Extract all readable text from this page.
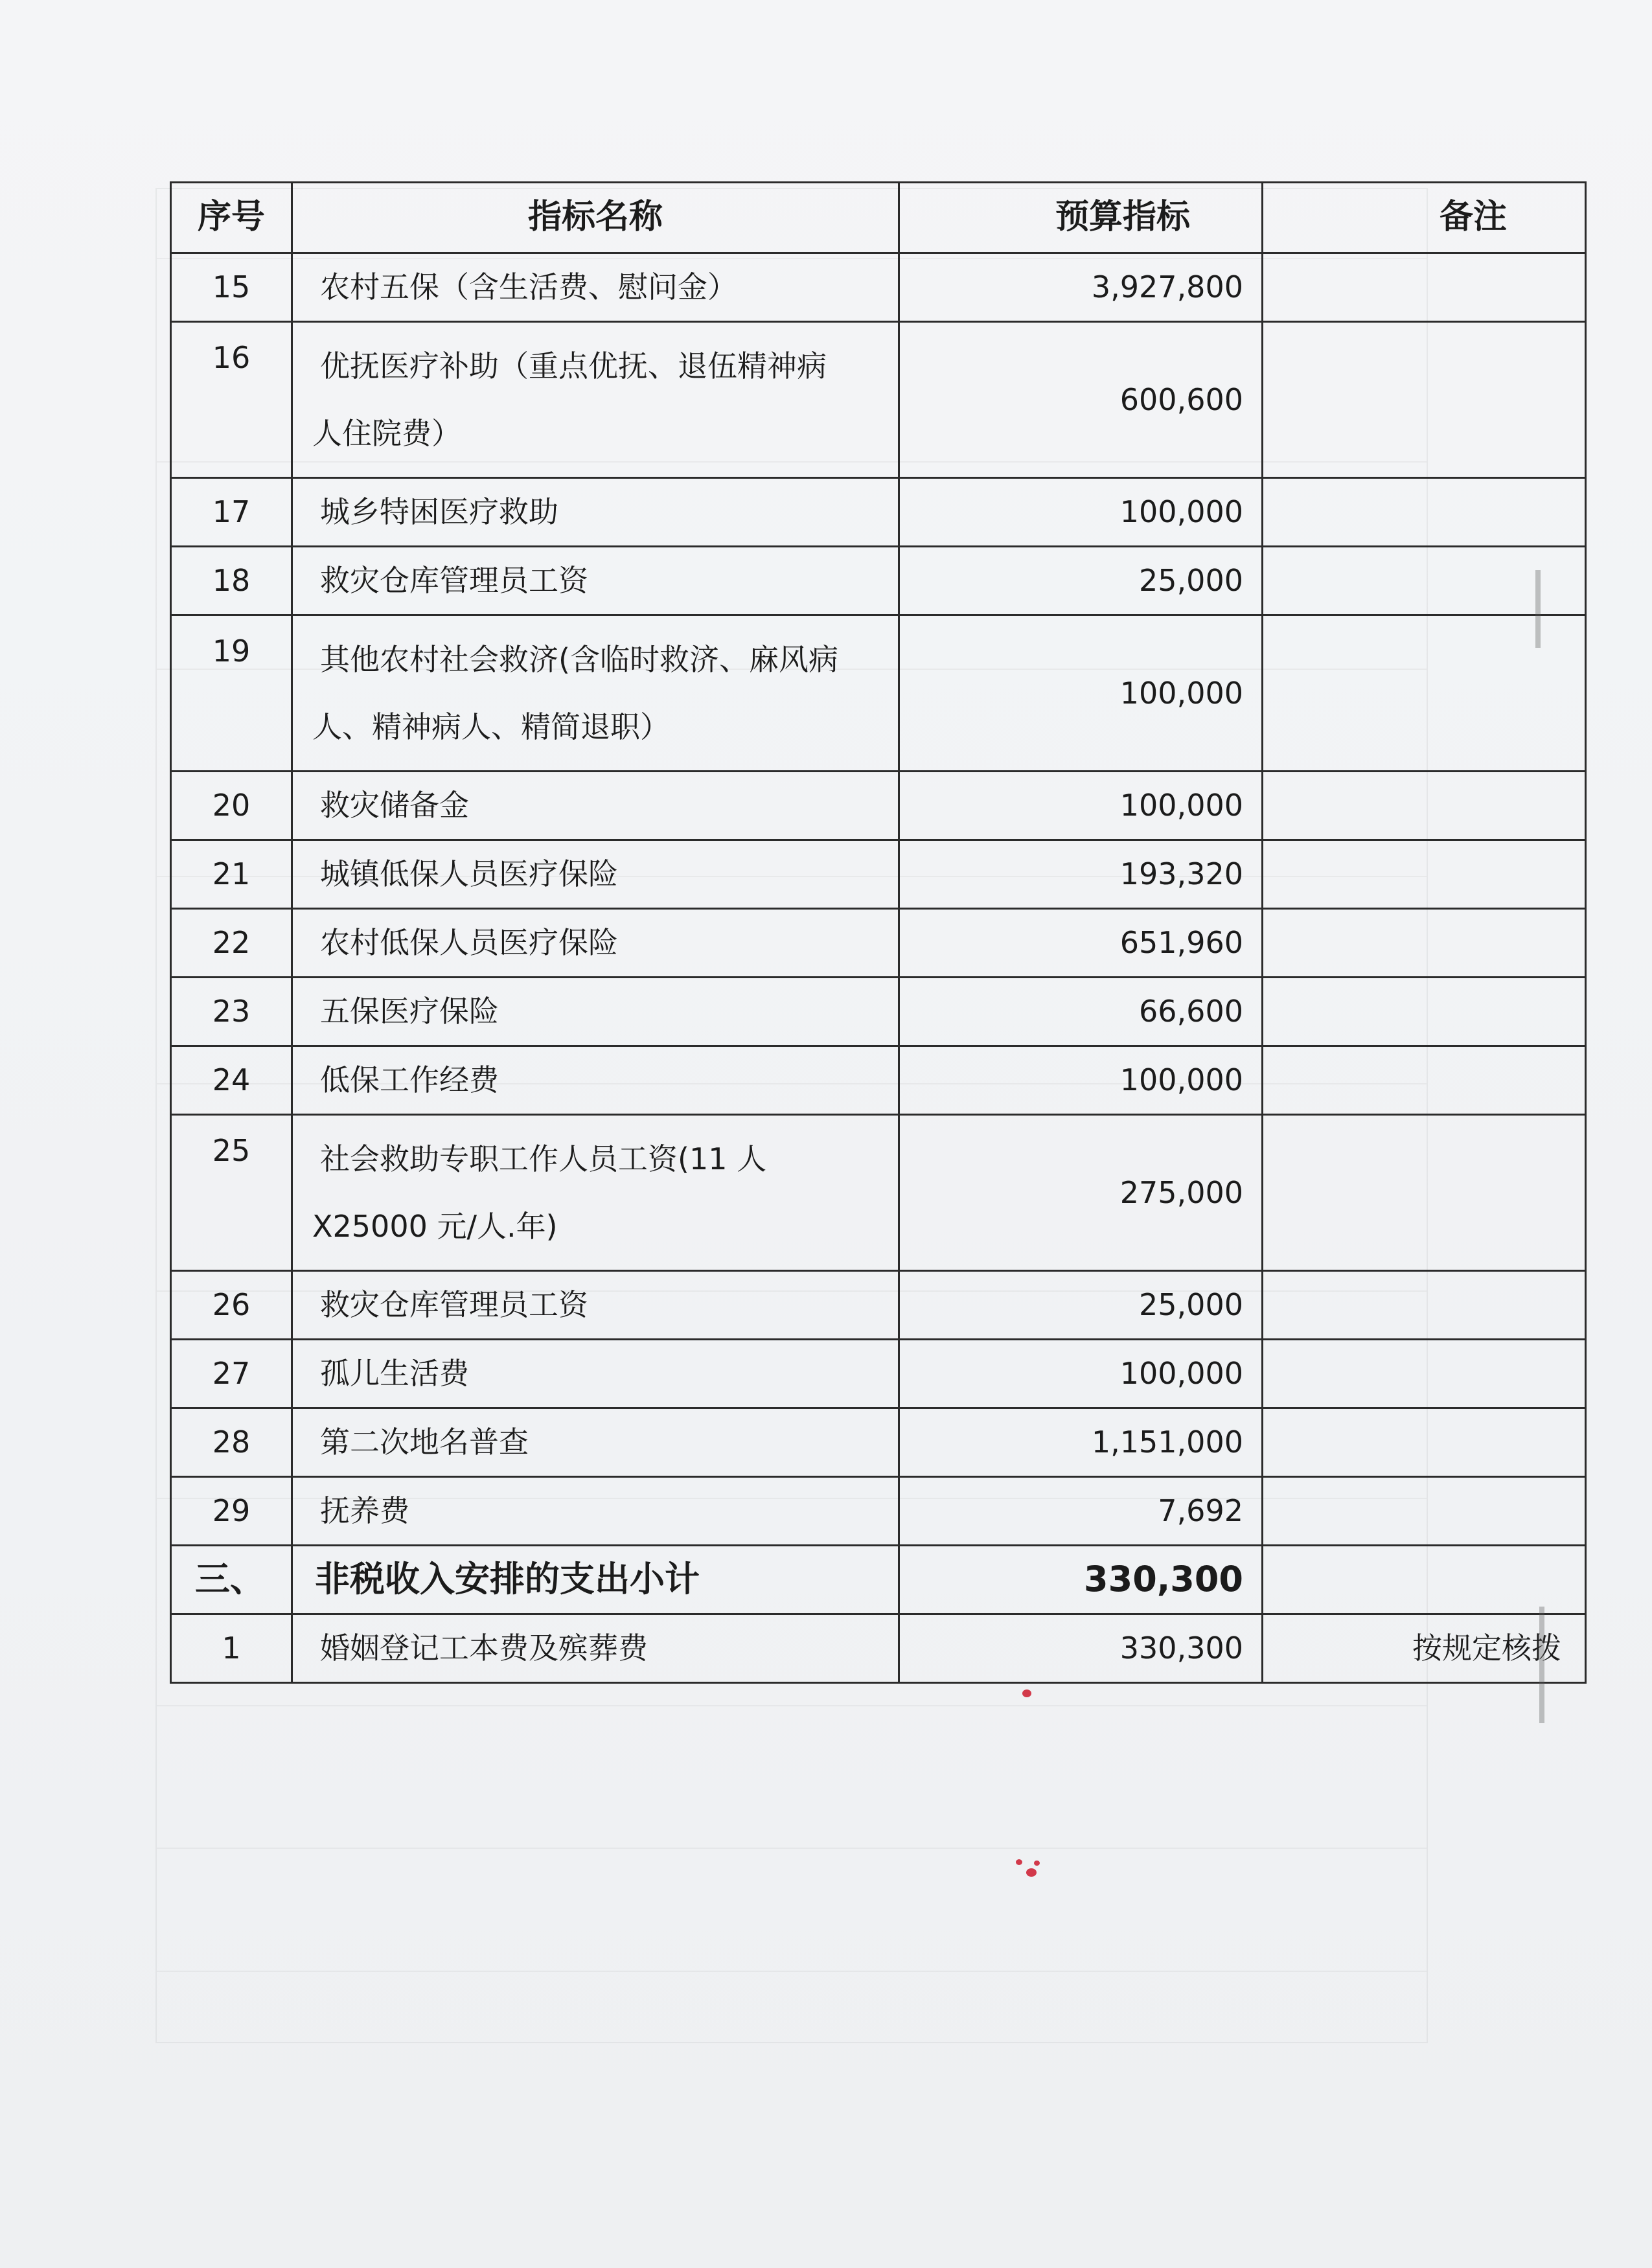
序号	指标名称	预算指标	备注
15	农村五保（含生活费、慰问金）	3,927,800	
16	优抚医疗补助（重点优抚、退伍精神病
人住院费）	600,600	
17	城乡特困医疗救助	100,000	
18	救灾仓库管理员工资	25,000	
19	其他农村社会救济(含临时救济、麻风病
人、精神病人、精简退职）	100,000	
20	救灾储备金	100,000	
21	城镇低保人员医疗保险	193,320	
22	农村低保人员医疗保险	651,960	
23	五保医疗保险	66,600	
24	低保工作经费	100,000	
25	社会救助专职工作人员工资(11 人
X25000 元/人.年)	275,000	
26	救灾仓库管理员工资	25,000	
27	孤儿生活费	100,000	
28	第二次地名普查	1,151,000	
29	抚养费	7,692	
三、	非税收入安排的支出小计	330,300	
1	婚姻登记工本费及殡葬费	330,300	按规定核拨
